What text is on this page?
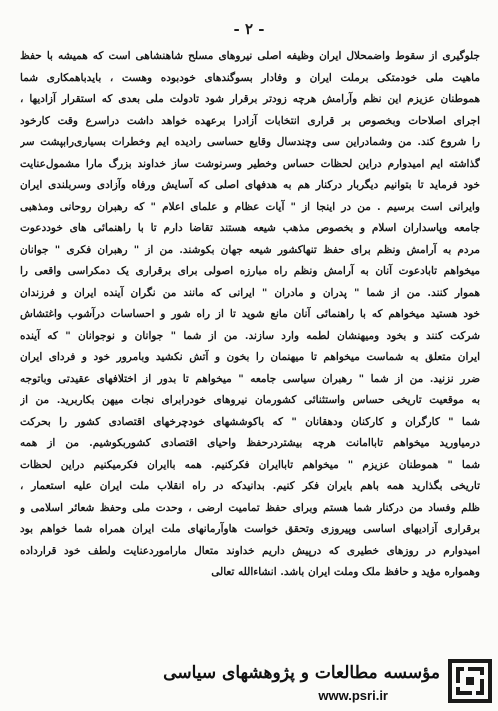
- ۲ -
جلوگیری از سقوط واضمحلال ایران وظیفه اصلی نیروهای مسلح شاهنشاهی است که همیشه با حفظ
ماهیت ملی خودمتکی برملت ایران و وفادار بسوگندهای خودبوده وهست ، بایدباهمکاری شما
هموطنان عزیزم این نظم وآرامش هرچه زودتر برقرار شود تادولت ملی بعدی که استقرار آزادیها ،
اجرای اصلاحات وبخصوص بر قراری انتخابات آزادرا برعهده خواهد داشت دراسرع وقت کارخود
را شروع کند. من وشمادراین سی وچندسال وقایع حساسی رادیده ایم وخطرات بسیاری‌رابپشت سر
گذاشته ایم امیدوارم دراین لحظات حساس وخطیر وسرنوشت ساز خداوند بزرگ مارا مشمول‌عنایت
خود فرماید تا بتوانیم دیگربار درکنار هم به هدفهای اصلی که آسایش ورفاه وآزادی وسربلندی ایران
وایرانی است برسیم . من در اینجا از " آیات عظام و علمای اعلام " که رهبران روحانی ومذهبی
جامعه وپاسداران اسلام و بخصوص مذهب شیعه هستند تقاضا دارم تا با راهنمائی های خوددعوت
مردم به آرامش ونظم برای حفظ تنهاکشور شیعه جهان بکوشند. من از " رهبران فکری " جوانان
میخواهم تابادعوت آنان به آرامش ونظم راه مبارزه اصولی برای برقراری یک دمکراسی واقعی را
هموار کنند. من از شما " پدران و مادران " ایرانی که مانند من نگران آینده ایران و فرزندان
خود هستید میخواهم که با راهنمائی آنان مانع شوید تا از راه شور و احساسات درآشوب واغتشاش
شرکت کنند و بخود ومیهنشان لطمه وارد سازند. من از شما " جوانان و نوجوانان " که آینده
ایران متعلق به شماست میخواهم تا میهنمان را بخون و آتش نکشید وبامرور خود و فردای ایران
ضرر نزنید. من از شما " رهبران سیاسی جامعه " میخواهم تا بدور از اختلافهای عقیدتی وباتوجه
به موقعیت تاریخی حساس واستثنائی کشورمان نیروهای خودرابرای نجات میهن بکاربرید. من از
شما " کارگران و کارکنان ودهقانان " که باکوششهای خودچرخهای اقتصادی کشور را بحرکت
درمیاورید میخواهم تاباامانت هرچه بیشتردرحفظ واحیای اقتصادی کشوربکوشیم. من از همه
شما " هموطنان عزیزم " میخواهم تاباایران فکرکنیم. همه باایران فکرمیکنیم دراین لحظات
تاریخی بگذارید همه باهم بایران فکر کنیم. بدانیدکه در راه انقلاب ملت ایران علیه استعمار ،
ظلم وفساد من درکنار شما هستم وبرای حفظ تمامیت ارضی ، وحدت ملی وحفظ شعائر اسلامی و
برقراری آزادیهای اساسی وپیروزی وتحقق خواست هاوآرمانهای ملت ایران همراه شما خواهم بود
امیدوارم در روزهای خطیری که درپیش داریم خداوند متعال ماراموردعنایت ولطف خود قرارداده
وهمواره مؤید و حافظ ملک وملت ایران باشد. انشاءالله تعالی
مؤسسه مطالعات و پژوهشهای سیاسی
www.psri.ir
